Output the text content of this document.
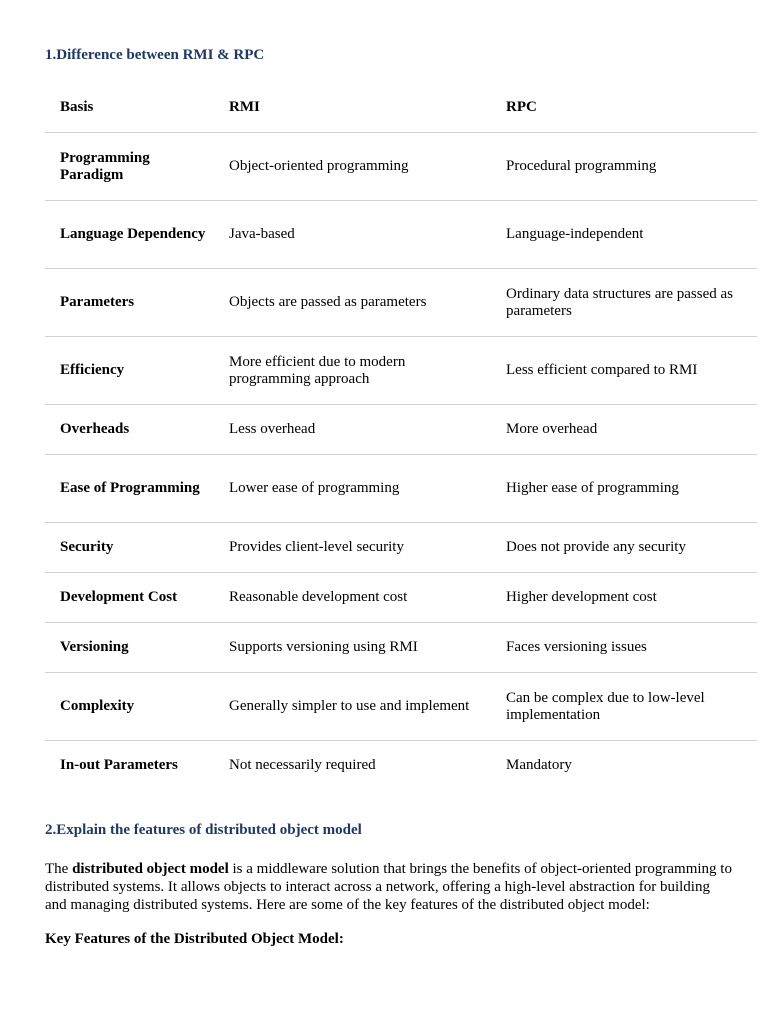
1.Difference between RMI & RPC
Basis	RMI	RPC
Programming Paradigm	Object-oriented programming	Procedural programming
Language Dependency	Java-based	Language-independent
Parameters	Objects are passed as parameters	Ordinary data structures are passed as parameters
Efficiency	More efficient due to modern programming approach	Less efficient compared to RMI
Overheads	Less overhead	More overhead
Ease of Programming	Lower ease of programming	Higher ease of programming
Security	Provides client-level security	Does not provide any security
Development Cost	Reasonable development cost	Higher development cost
Versioning	Supports versioning using RMI	Faces versioning issues
Complexity	Generally simpler to use and implement	Can be complex due to low-level implementation
In-out Parameters	Not necessarily required	Mandatory
2.Explain the features of distributed object model

The distributed object model is a middleware solution that brings the benefits of object-oriented programming to distributed systems. It allows objects to interact across a network, offering a high-level abstraction for building and managing distributed systems. Here are some of the key features of the distributed object model:

Key Features of the Distributed Object Model:
